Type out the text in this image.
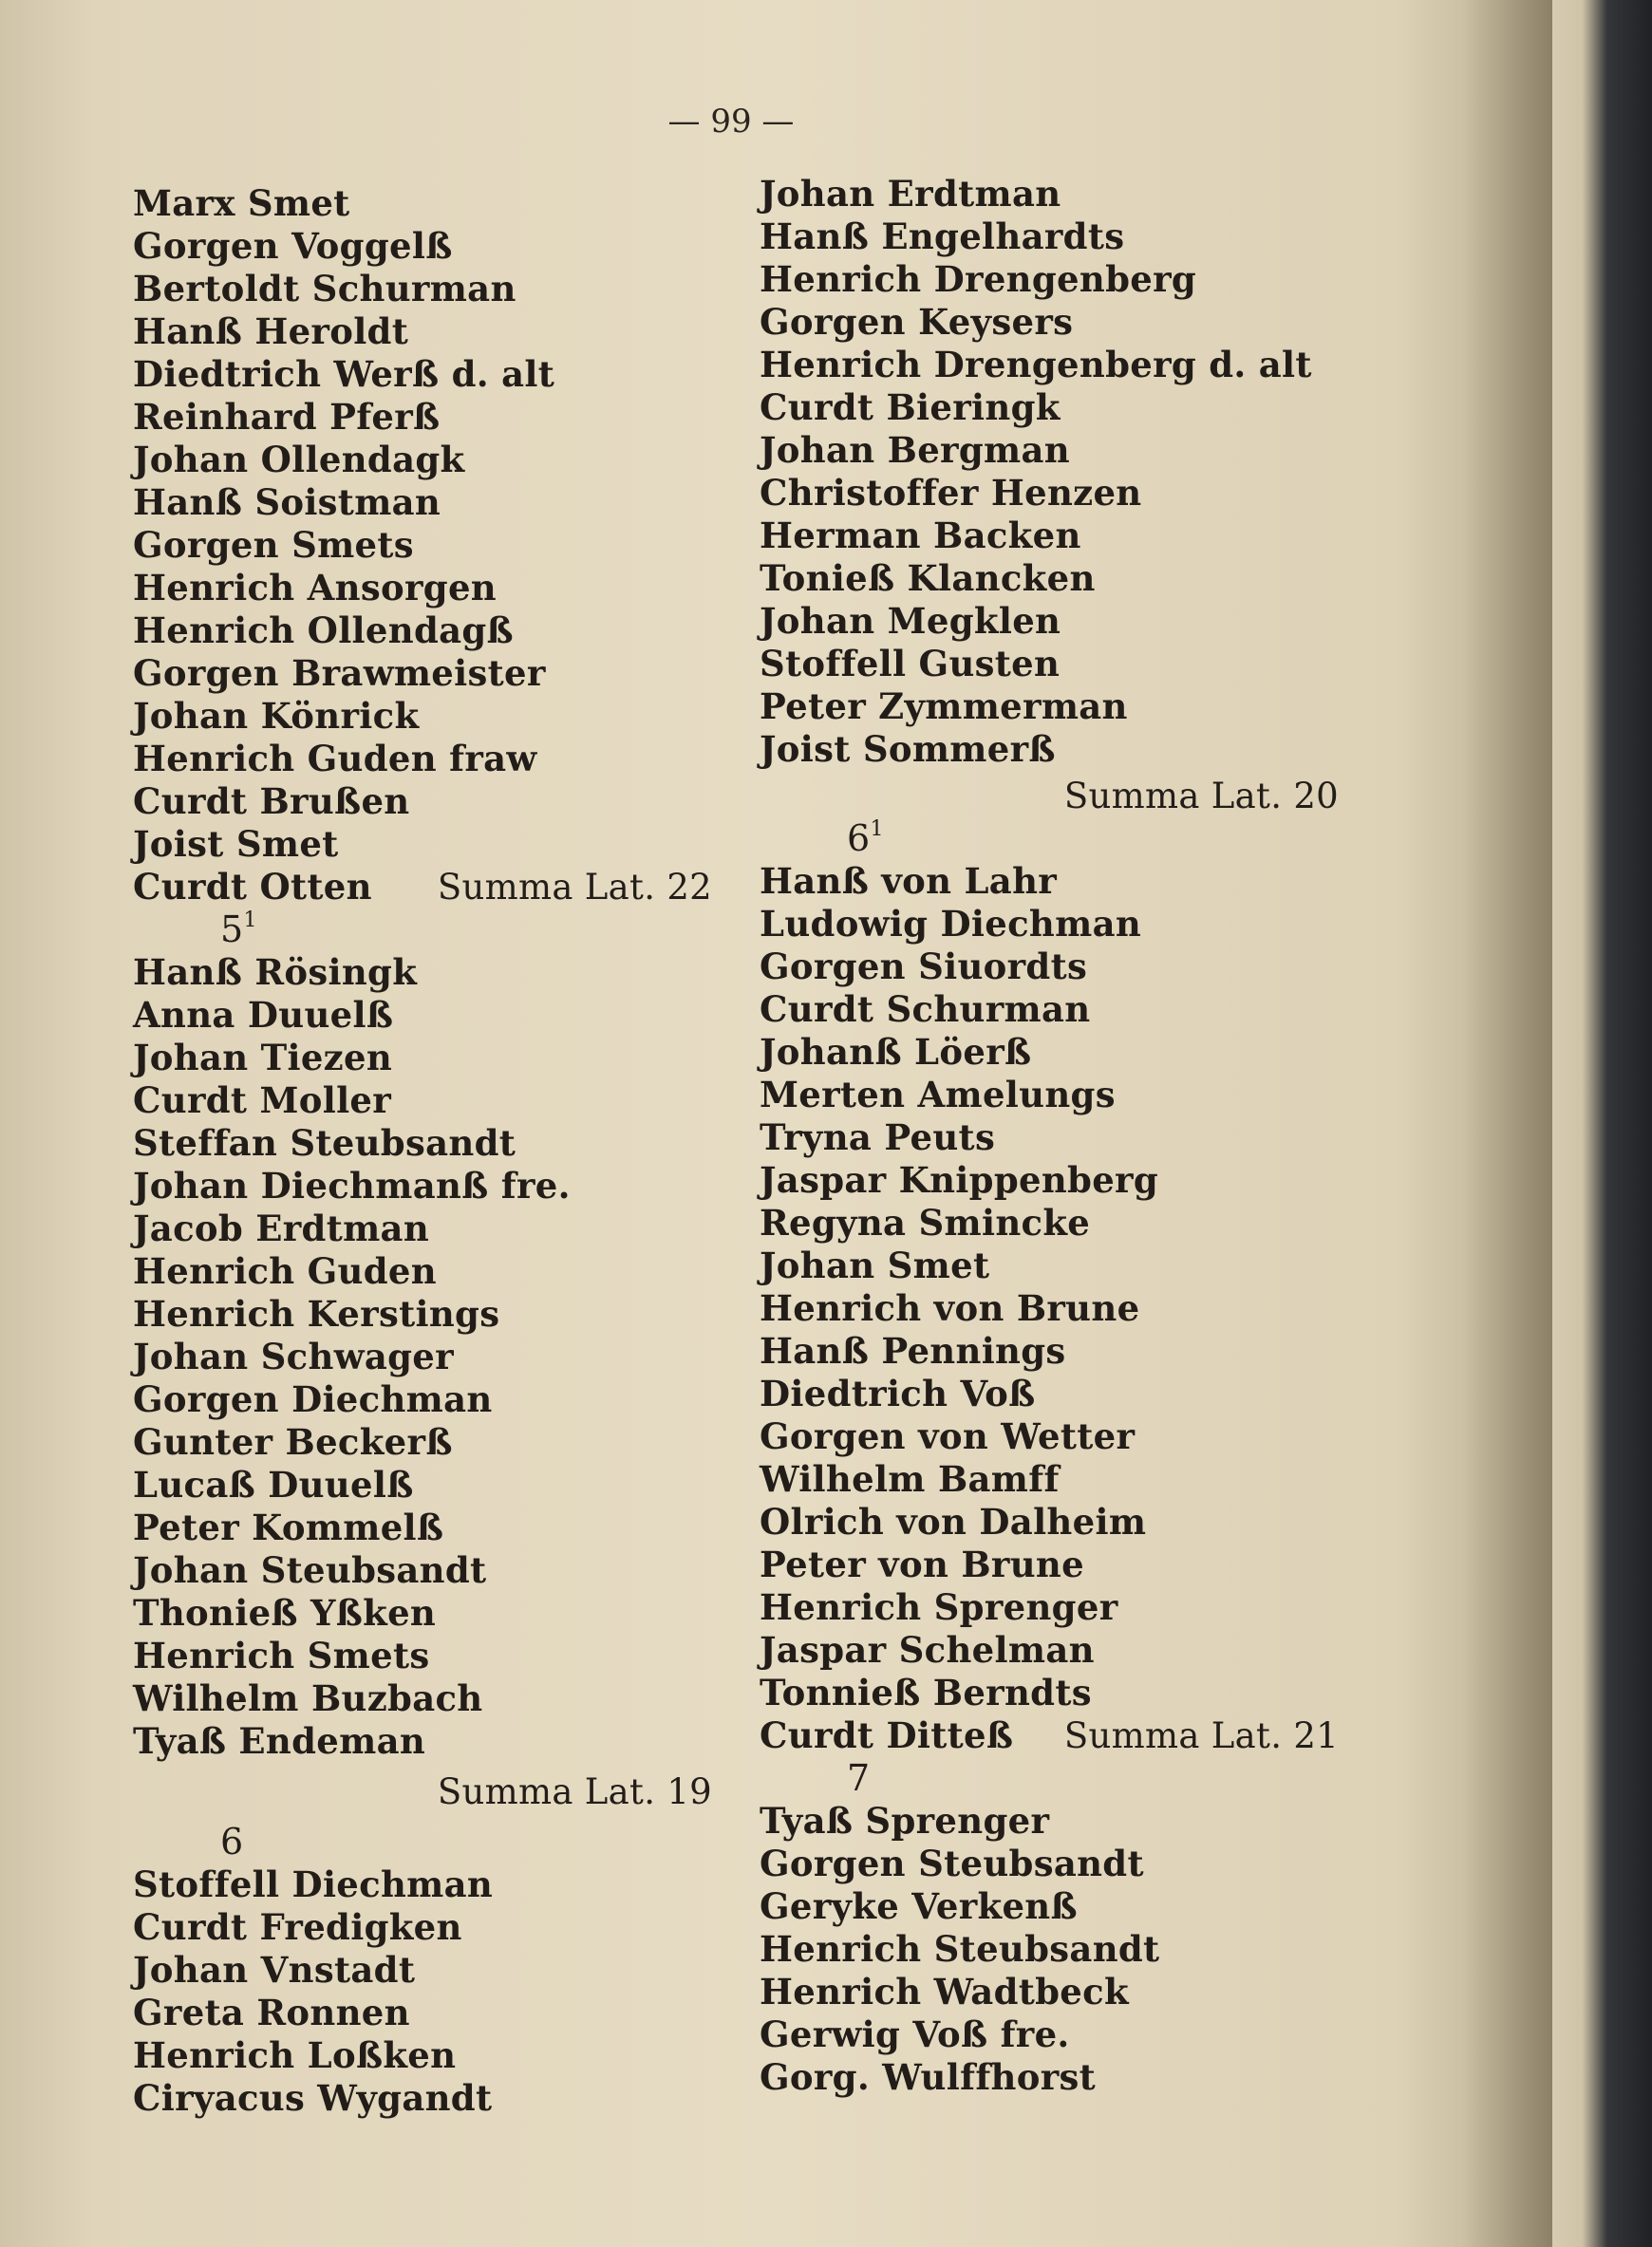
— 99 —
Marx Smet
Gorgen Voggelß
Bertoldt Schurman
Hanß Heroldt
Diedtrich Werß d. alt
Reinhard Pferß
Johan Ollendagk
Hanß Soistman
Gorgen Smets
Henrich Ansorgen
Henrich Ollendagß
Gorgen Brawmeister
Johan Könrick
Henrich Guden fraw
Curdt Brußen
Joist Smet
Curdt Otten Summa Lat. 22
$5^1$
Hanß Rösingk
Anna Duuelß
Johan Tiezen
Curdt Moller
Steffan Steubsandt
Johan Diechmanß fre.
Jacob Erdtman
Henrich Guden
Henrich Kerstings
Johan Schwager
Gorgen Diechman
Gunter Beckerß
Lucaß Duuelß
Peter Kommelß
Johan Steubsandt
Thonieß Yßken
Henrich Smets
Wilhelm Buzbach
Tyaß Endeman
Summa Lat. 19
6
Stoffell Diechman
Curdt Fredigken
Johan Vnstadt
Greta Ronnen
Henrich Loßken
Ciryacus Wygandt
Johan Erdtman
Hanß Engelhardts
Henrich Drengenberg
Gorgen Keysers
Henrich Drengenberg d. alt
Curdt Bieringk
Johan Bergman
Christoffer Henzen
Herman Backen
Tonieß Klancken
Johan Megklen
Stoffell Gusten
Peter Zymmerman
Joist Sommerß
Summa Lat. 20
$6^1$
Hanß von Lahr
Ludowig Diechman
Gorgen Siuordts
Curdt Schurman
Johanß Löerß
Merten Amelungs
Tryna Peuts
Jaspar Knippenberg
Regyna Smincke
Johan Smet
Henrich von Brune
Hanß Pennings
Diedtrich Voß
Gorgen von Wetter
Wilhelm Bamff
Olrich von Dalheim
Peter von Brune
Henrich Sprenger
Jaspar Schelman
Tonnieß Berndts
Curdt Ditteß Summa Lat. 21
7
Tyaß Sprenger
Gorgen Steubsandt
Geryke Verkenß
Henrich Steubsandt
Henrich Wadtbeck
Gerwig Voß fre.
Gorg. Wulffhorst
